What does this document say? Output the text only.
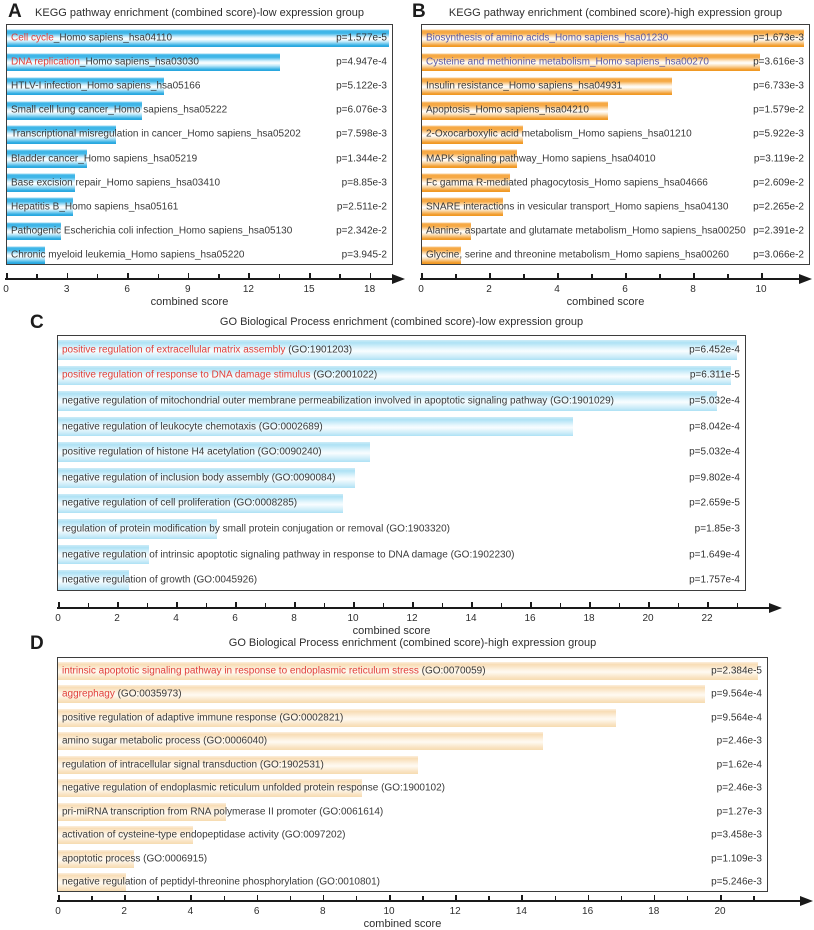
A	KEGG pathway enrichment (combined score)-low expression group
Cell cycle_Homo sapiens_hsa04110	p=1.577e-5
DNA replication_Homo sapiens_hsa03030	p=4.947e-4
HTLV-I infection_Homo sapiens_hsa05166	p=5.122e-3
Small cell lung cancer_Homo sapiens_hsa05222	p=6.076e-3
Transcriptional misregulation in cancer_Homo sapiens_hsa05202	p=7.598e-3
Bladder cancer_Homo sapiens_hsa05219	p=1.344e-2
Base excision repair_Homo sapiens_hsa03410	p=8.85e-3
Hepatitis B_Homo sapiens_hsa05161	p=2.511e-2
Pathogenic Escherichia coli infection_Homo sapiens_hsa05130	p=2.342e-2
Chronic myeloid leukemia_Homo sapiens_hsa05220	p=3.945-2
0	3	6	9	12	15	18
combined score
B	KEGG pathway enrichment (combined score)-high expression group
Biosynthesis of amino acids_Homo sapiens_hsa01230	p=1.673e-3
Cysteine and methionine metabolism_Homo sapiens_hsa00270	p=3.616e-3
Insulin resistance_Homo sapiens_hsa04931	p=6.733e-3
Apoptosis_Homo sapiens_hsa04210	p=1.579e-2
2-Oxocarboxylic acid metabolism_Homo sapiens_hsa01210	p=5.922e-3
MAPK signaling pathway_Homo sapiens_hsa04010	p=3.119e-2
Fc gamma R-mediated phagocytosis_Homo sapiens_hsa04666	p=2.609e-2
SNARE interactions in vesicular transport_Homo sapiens_hsa04130 p=2.265e-2
Alanine, aspartate and glutamate metabolism_Homo sapiens_hsa00250 p=2.391e-2
Glycine, serine and threonine metabolism_Homo sapiens_hsa00260 p=3.066e-2
0	2	4	6	8	10
combined score
C	GO Biological Process enrichment (combined score)-low expression group
positive regulation of extracellular matrix assembly (GO:1901203)	p=6.452e-4
positive regulation of response to DNA damage stimulus (GO:2001022)	p=6.311e-5
negative regulation of mitochondrial outer membrane permeabilization involved in apoptotic signaling pathway (GO:1901029)	p=5.032e-4
negative regulation of leukocyte chemotaxis (GO:0002689)	p=8.042e-4
positive regulation of histone H4 acetylation (GO:0090240)	p=5.032e-4
negative regulation of inclusion body assembly (GO:0090084)	p=9.802e-4
negative regulation of cell proliferation (GO:0008285)	p=2.659e-5
regulation of protein modification by small protein conjugation or removal (GO:1903320)	p=1.85e-3
negative regulation of intrinsic apoptotic signaling pathway in response to DNA damage (GO:1902230)	p=1.649e-4
negative regulation of growth (GO:0045926)	p=1.757e-4
0	2	4	6	8	10	12	14	16	18	20	22
combined score
D	GO Biological Process enrichment (combined score)-high expression group
intrinsic apoptotic signaling pathway in response to endoplasmic reticulum stress (GO:0070059)	p=2.384e-5
aggrephagy (GO:0035973)	p=9.564e-4
positive regulation of adaptive immune response (GO:0002821)	p=9.564e-4
amino sugar metabolic process (GO:0006040)	p=2.46e-3
regulation of intracellular signal transduction (GO:1902531)	p=1.62e-4
negative regulation of endoplasmic reticulum unfolded protein response (GO:1900102)	p=2.46e-3
pri-miRNA transcription from RNA polymerase II promoter (GO:0061614)	p=1.27e-3
activation of cysteine-type endopeptidase activity (GO:0097202)	p=3.458e-3
apoptotic process (GO:0006915)	p=1.109e-3
negative regulation of peptidyl-threonine phosphorylation (GO:0010801)	p=5.246e-3
0	2	4	6	8	10	12	14	16	18	20
combined score
